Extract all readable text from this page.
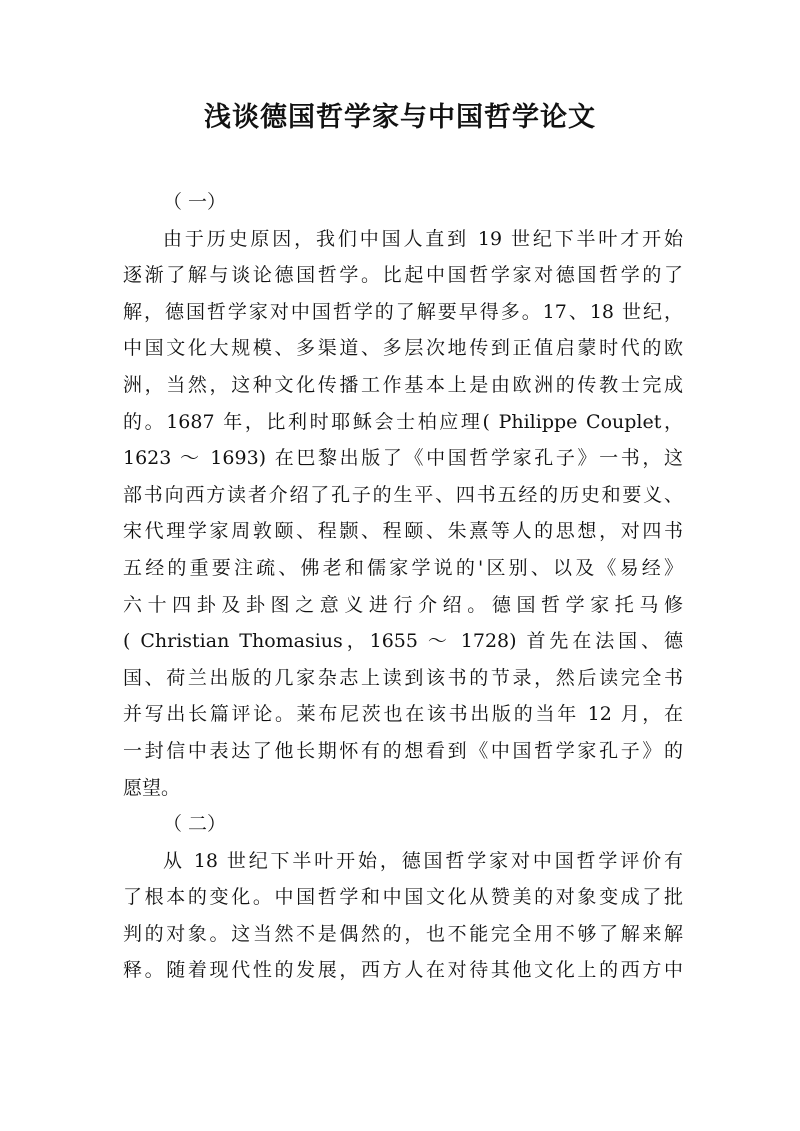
浅谈德国哲学家与中国哲学论文
（ 一）
由于历史原因，我们中国人直到 19 世纪下半叶才开始
逐渐了解与谈论德国哲学。比起中国哲学家对德国哲学的了
解，德国哲学家对中国哲学的了解要早得多。17、18 世纪，
中国文化大规模、多渠道、多层次地传到正值启蒙时代的欧
洲，当然，这种文化传播工作基本上是由欧洲的传教士完成
的。1687 年，比利时耶稣会士柏应理( Philippe Couplet，
1623 ～ 1693) 在巴黎出版了《中国哲学家孔子》一书，这
部书向西方读者介绍了孔子的生平、四书五经的历史和要义、
宋代理学家周敦颐、程颢、程颐、朱熹等人的思想，对四书
五经的重要注疏、佛老和儒家学说的'区别、以及《易经》
六十四卦及卦图之意义进行介绍。德国哲学家托马修
( Christian Thomasius，1655 ～ 1728) 首先在法国、德
国、荷兰出版的几家杂志上读到该书的节录，然后读完全书
并写出长篇评论。莱布尼茨也在该书出版的当年 12 月，在
一封信中表达了他长期怀有的想看到《中国哲学家孔子》的
愿望。
（ 二）
从 18 世纪下半叶开始，德国哲学家对中国哲学评价有
了根本的变化。中国哲学和中国文化从赞美的对象变成了批
判的对象。这当然不是偶然的，也不能完全用不够了解来解
释。随着现代性的发展，西方人在对待其他文化上的西方中
